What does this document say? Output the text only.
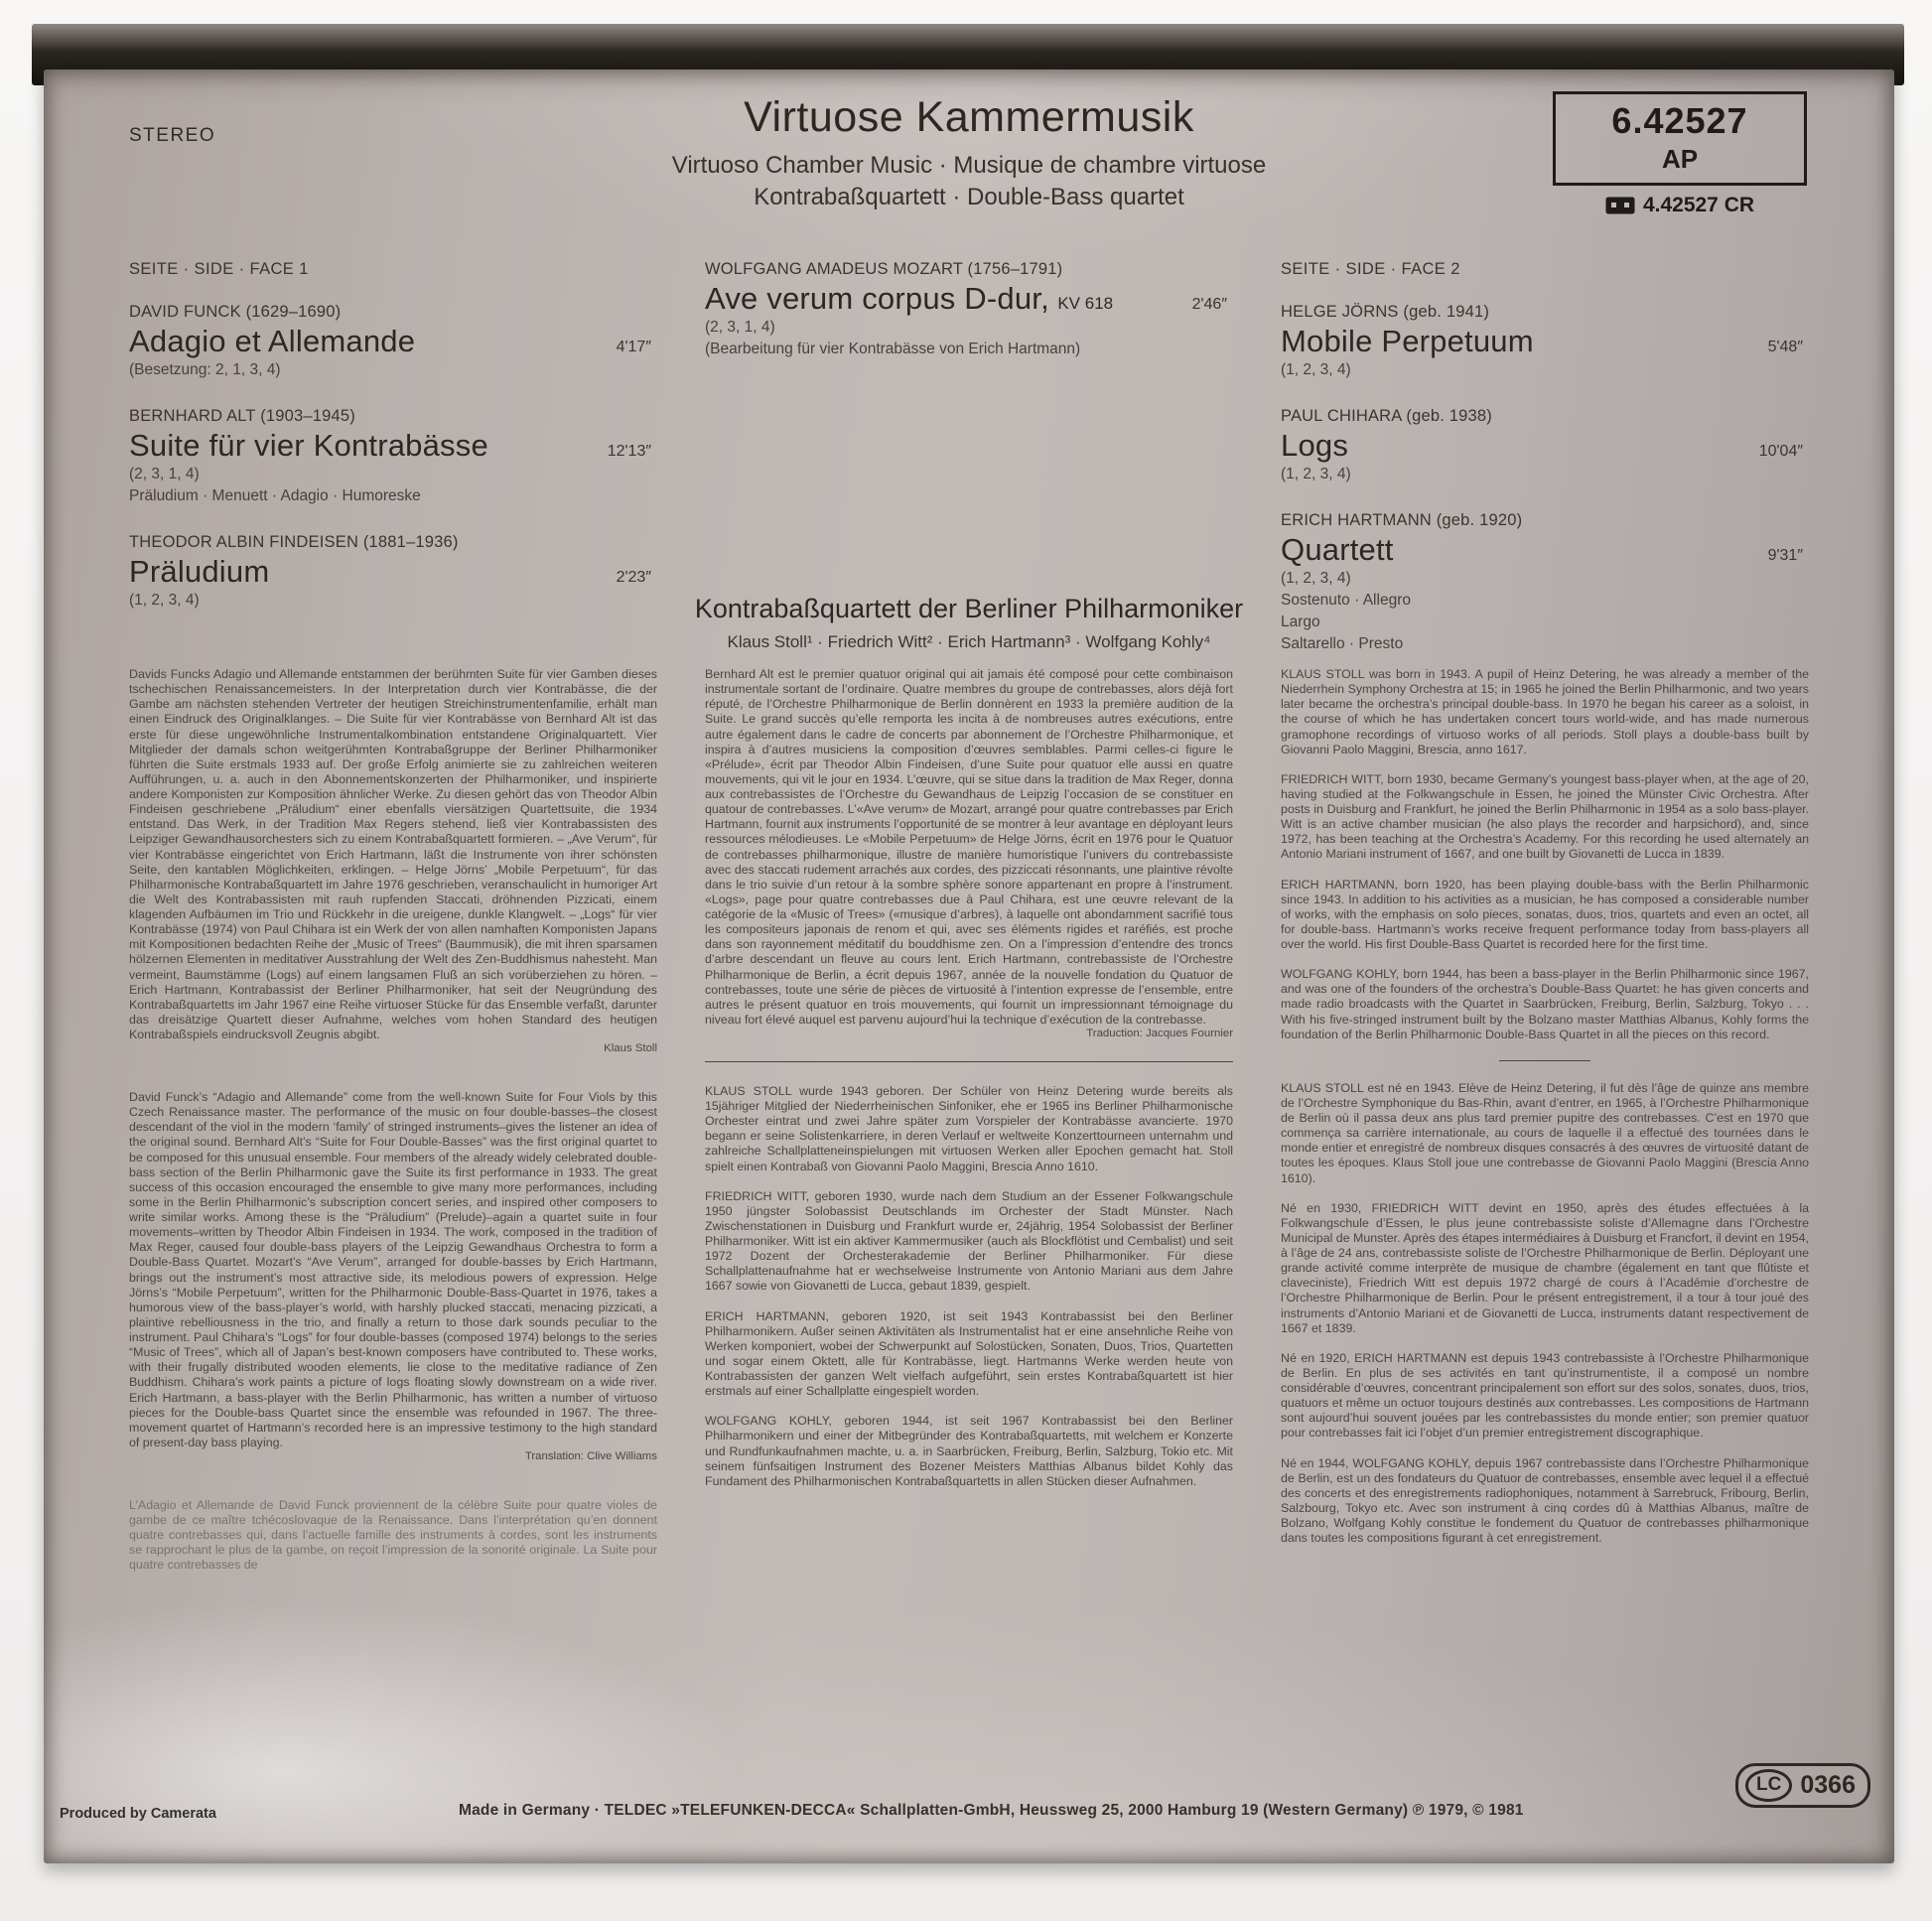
STEREO	Virtuose Kammermusik
Virtuoso Chamber Music · Musique de chambre virtuose
Kontrabaßquartett · Double-Bass quartet
6.42527
AP
4.42527 CR
SEITE · SIDE · FACE 1
DAVID FUNCK (1629–1690)
Adagio et Allemande	4'17″
(Besetzung: 2, 1, 3, 4)
BERNHARD ALT (1903–1945)
Suite für vier Kontrabässe	12'13″
(2, 3, 1, 4)
Präludium · Menuett · Adagio · Humoreske
THEODOR ALBIN FINDEISEN (1881–1936)
Präludium	2'23″
(1, 2, 3, 4)
WOLFGANG AMADEUS MOZART (1756–1791)
Ave verum corpus D-dur, KV 618	2'46″
(2, 3, 1, 4)
(Bearbeitung für vier Kontrabässe von Erich Hartmann)
SEITE · SIDE · FACE 2
HELGE JÖRNS (geb. 1941)
Mobile Perpetuum	5'48″
(1, 2, 3, 4)
PAUL CHIHARA (geb. 1938)
Logs	10'04″
(1, 2, 3, 4)
ERICH HARTMANN (geb. 1920)
Quartett	9'31″
(1, 2, 3, 4)
Sostenuto · Allegro
Largo
Saltarello · Presto
Kontrabaßquartett der Berliner Philharmoniker
Klaus Stoll¹ · Friedrich Witt² · Erich Hartmann³ · Wolfgang Kohly⁴

Davids Funcks Adagio und Allemande entstammen der berühmten Suite für vier Gamben dieses tschechischen Renaissancemeisters. In der Interpretation durch vier Kontrabässe, die der Gambe am nächsten stehenden Vertreter der heutigen Streichinstrumentenfamilie, erhält man einen Eindruck des Originalklanges. – Die Suite für vier Kontrabässe von Bernhard Alt ist das erste für diese ungewöhnliche Instrumentalkombination entstandene Originalquartett. Vier Mitglieder der damals schon weitgerühmten Kontrabaßgruppe der Berliner Philharmoniker führten die Suite erstmals 1933 auf. Der große Erfolg animierte sie zu zahlreichen weiteren Aufführungen, u. a. auch in den Abonnementskonzerten der Philharmoniker, und inspirierte andere Komponisten zur Komposition ähnlicher Werke. Zu diesen gehört das von Theodor Albin Findeisen geschriebene „Präludium“ einer ebenfalls viersätzigen Quartettsuite, die 1934 entstand. Das Werk, in der Tradition Max Regers stehend, ließ vier Kontrabassisten des Leipziger Gewandhausorchesters sich zu einem Kontrabaßquartett formieren. – „Ave Verum“, für vier Kontrabässe eingerichtet von Erich Hartmann, läßt die Instrumente von ihrer schönsten Seite, den kantablen Möglichkeiten, erklingen. – Helge Jörns’ „Mobile Perpetuum“, für das Philharmonische Kontrabaßquartett im Jahre 1976 geschrieben, veranschaulicht in humoriger Art die Welt des Kontrabassisten mit rauh rupfenden Staccati, dröhnenden Pizzicati, einem klagenden Aufbäumen im Trio und Rückkehr in die ureigene, dunkle Klangwelt. – „Logs“ für vier Kontrabässe (1974) von Paul Chihara ist ein Werk der von allen namhaften Komponisten Japans mit Kompositionen bedachten Reihe der „Music of Trees“ (Baummusik), die mit ihren sparsamen hölzernen Elementen in meditativer Ausstrahlung der Welt des Zen-Buddhismus nahesteht. Man vermeint, Baumstämme (Logs) auf einem langsamen Fluß an sich vorüberziehen zu hören. – Erich Hartmann, Kontrabassist der Berliner Philharmoniker, hat seit der Neugründung des Kontrabaßquartetts im Jahr 1967 eine Reihe virtuoser Stücke für das Ensemble verfaßt, darunter das dreisätzige Quartett dieser Aufnahme, welches vom hohen Standard des heutigen Kontrabaßspiels eindrucksvoll Zeugnis abgibt.

Klaus Stoll

David Funck’s “Adagio and Allemande” come from the well-known Suite for Four Viols by this Czech Renaissance master. The performance of the music on four double-basses–the closest descendant of the viol in the modern ‘family’ of stringed instruments–gives the listener an idea of the original sound. Bernhard Alt’s “Suite for Four Double-Basses” was the first original quartet to be composed for this unusual ensemble. Four members of the already widely celebrated double-bass section of the Berlin Philharmonic gave the Suite its first performance in 1933. The great success of this occasion encouraged the ensemble to give many more performances, including some in the Berlin Philharmonic’s subscription concert series, and inspired other composers to write similar works. Among these is the “Präludium” (Prelude)–again a quartet suite in four movements–written by Theodor Albin Findeisen in 1934. The work, composed in the tradition of Max Reger, caused four double-bass players of the Leipzig Gewandhaus Orchestra to form a Double-Bass Quartet. Mozart’s “Ave Verum”, arranged for double-basses by Erich Hartmann, brings out the instrument’s most attractive side, its melodious powers of expression. Helge Jörns’s “Mobile Perpetuum”, written for the Philharmonic Double-Bass-Quartet in 1976, takes a humorous view of the bass-player’s world, with harshly plucked staccati, menacing pizzicati, a plaintive rebelliousness in the trio, and finally a return to those dark sounds peculiar to the instrument. Paul Chihara’s “Logs” for four double-basses (composed 1974) belongs to the series “Music of Trees”, which all of Japan’s best-known composers have contributed to. These works, with their frugally distributed wooden elements, lie close to the meditative radiance of Zen Buddhism. Chihara’s work paints a picture of logs floating slowly downstream on a wide river. Erich Hartmann, a bass-player with the Berlin Philharmonic, has written a number of virtuoso pieces for the Double-bass Quartet since the ensemble was refounded in 1967. The three-movement quartet of Hartmann’s recorded here is an impressive testimony to the high standard of present-day bass playing.

Translation: Clive Williams

L’Adagio et Allemande de David Funck proviennent de la célèbre Suite pour quatre violes de gambe de ce maître tchécoslovaque de la Renaissance. Dans l’interprétation qu’en donnent quatre contrebasses qui, dans l’actuelle famille des instruments à cordes, sont les instruments se rapprochant le plus de la gambe, on reçoit l’impression de la sonorité originale. La Suite pour quatre contrebasses de

Bernhard Alt est le premier quatuor original qui ait jamais été composé pour cette combinaison instrumentale sortant de l’ordinaire. Quatre membres du groupe de contrebasses, alors déjà fort réputé, de l’Orchestre Philharmonique de Berlin donnèrent en 1933 la première audition de la Suite. Le grand succès qu’elle remporta les incita à de nombreuses autres exécutions, entre autre également dans le cadre de concerts par abonnement de l’Orchestre Philharmonique, et inspira à d’autres musiciens la composition d’œuvres semblables. Parmi celles-ci figure le «Prélude», écrit par Theodor Albin Findeisen, d’une Suite pour quatuor elle aussi en quatre mouvements, qui vit le jour en 1934. L’œuvre, qui se situe dans la tradition de Max Reger, donna aux contrebassistes de l’Orchestre du Gewandhaus de Leipzig l’occasion de se constituer en quatour de contrebasses. L’«Ave verum» de Mozart, arrangé pour quatre contrebasses par Erich Hartmann, fournit aux instruments l’opportunité de se montrer à leur avantage en déployant leurs ressources mélodieuses. Le «Mobile Perpetuum» de Helge Jörns, écrit en 1976 pour le Quatuor de contrebasses philharmonique, illustre de manière humoristique l’univers du contrebassiste avec des staccati rudement arrachés aux cordes, des pizziccati résonnants, une plaintive révolte dans le trio suivie d’un retour à la sombre sphère sonore appartenant en propre à l’instrument. «Logs», page pour quatre contrebasses due à Paul Chihara, est une œuvre relevant de la catégorie de la «Music of Trees» («musique d’arbres), à laquelle ont abondamment sacrifié tous les compositeurs japonais de renom et qui, avec ses éléments rigides et raréfiés, est proche dans son rayonnement méditatif du bouddhisme zen. On a l’impression d’entendre des troncs d’arbre descendant un fleuve au cours lent. Erich Hartmann, contrebassiste de l’Orchestre Philharmonique de Berlin, a écrit depuis 1967, année de la nouvelle fondation du Quatuor de contrebasses, toute une série de pièces de virtuosité à l’intention expresse de l’ensemble, entre autres le présent quatuor en trois mouvements, qui fournit un impressionnant témoignage du niveau fort élevé auquel est parvenu aujourd’hui la technique d’exécution de la contrebasse.

Traduction: Jacques Fournier

KLAUS STOLL wurde 1943 geboren. Der Schüler von Heinz Detering wurde bereits als 15jähriger Mitglied der Niederrheinischen Sinfoniker, ehe er 1965 ins Berliner Philharmonische Orchester eintrat und zwei Jahre später zum Vorspieler der Kontrabässe avancierte. 1970 begann er seine Solistenkarriere, in deren Verlauf er weltweite Konzerttourneen unternahm und zahlreiche Schallplatteneinspielungen mit virtuosen Werken aller Epochen gemacht hat. Stoll spielt einen Kontrabaß von Giovanni Paolo Maggini, Brescia Anno 1610.

FRIEDRICH WITT, geboren 1930, wurde nach dem Studium an der Essener Folkwangschule 1950 jüngster Solobassist Deutschlands im Orchester der Stadt Münster. Nach Zwischenstationen in Duisburg und Frankfurt wurde er, 24jährig, 1954 Solobassist der Berliner Philharmoniker. Witt ist ein aktiver Kammermusiker (auch als Blockflötist und Cembalist) und seit 1972 Dozent der Orchesterakademie der Berliner Philharmoniker. Für diese Schallplattenaufnahme hat er wechselweise Instrumente von Antonio Mariani aus dem Jahre 1667 sowie von Giovanetti de Lucca, gebaut 1839, gespielt.

ERICH HARTMANN, geboren 1920, ist seit 1943 Kontrabassist bei den Berliner Philharmonikern. Außer seinen Aktivitäten als Instrumentalist hat er eine ansehnliche Reihe von Werken komponiert, wobei der Schwerpunkt auf Solostücken, Sonaten, Duos, Trios, Quartetten und sogar einem Oktett, alle für Kontrabässe, liegt. Hartmanns Werke werden heute von Kontrabassisten der ganzen Welt vielfach aufgeführt, sein erstes Kontrabaßquartett ist hier erstmals auf einer Schallplatte eingespielt worden.

WOLFGANG KOHLY, geboren 1944, ist seit 1967 Kontrabassist bei den Berliner Philharmonikern und einer der Mitbegründer des Kontrabaßquartetts, mit welchem er Konzerte und Rundfunkaufnahmen machte, u. a. in Saarbrücken, Freiburg, Berlin, Salzburg, Tokio etc. Mit seinem fünfsaitigen Instrument des Bozener Meisters Matthias Albanus bildet Kohly das Fundament des Philharmonischen Kontrabaßquartetts in allen Stücken dieser Aufnahmen.

KLAUS STOLL was born in 1943. A pupil of Heinz Detering, he was already a member of the Niederrhein Symphony Orchestra at 15; in 1965 he joined the Berlin Philharmonic, and two years later became the orchestra’s principal double-bass. In 1970 he began his career as a soloist, in the course of which he has undertaken concert tours world-wide, and has made numerous gramophone recordings of virtuoso works of all periods. Stoll plays a double-bass built by Giovanni Paolo Maggini, Brescia, anno 1617.

FRIEDRICH WITT, born 1930, became Germany’s youngest bass-player when, at the age of 20, having studied at the Folkwangschule in Essen, he joined the Münster Civic Orchestra. After posts in Duisburg and Frankfurt, he joined the Berlin Philharmonic in 1954 as a solo bass-player. Witt is an active chamber musician (he also plays the recorder and harpsichord), and, since 1972, has been teaching at the Orchestra’s Academy. For this recording he used alternately an Antonio Mariani instrument of 1667, and one built by Giovanetti de Lucca in 1839.

ERICH HARTMANN, born 1920, has been playing double-bass with the Berlin Philharmonic since 1943. In addition to his activities as a musician, he has composed a considerable number of works, with the emphasis on solo pieces, sonatas, duos, trios, quartets and even an octet, all for double-bass. Hartmann’s works receive frequent performance today from bass-players all over the world. His first Double-Bass Quartet is recorded here for the first time.

WOLFGANG KOHLY, born 1944, has been a bass-player in the Berlin Philharmonic since 1967, and was one of the founders of the orchestra’s Double-Bass Quartet: he has given concerts and made radio broadcasts with the Quartet in Saarbrücken, Freiburg, Berlin, Salzburg, Tokyo . . . With his five-stringed instrument built by the Bolzano master Matthias Albanus, Kohly forms the foundation of the Berlin Philharmonic Double-Bass Quartet in all the pieces on this record.

KLAUS STOLL est né en 1943. Elève de Heinz Detering, il fut dès l’âge de quinze ans membre de l’Orchestre Symphonique du Bas-Rhin, avant d’entrer, en 1965, à l’Orchestre Philharmonique de Berlin où il passa deux ans plus tard premier pupitre des contrebasses. C’est en 1970 que commença sa carrière internationale, au cours de laquelle il a effectué des tournées dans le monde entier et enregistré de nombreux disques consacrés à des œuvres de virtuosité datant de toutes les époques. Klaus Stoll joue une contrebasse de Giovanni Paolo Maggini (Brescia Anno 1610).

Né en 1930, FRIEDRICH WITT devint en 1950, après des études effectuées à la Folkwangschule d’Essen, le plus jeune contrebassiste soliste d’Allemagne dans l’Orchestre Municipal de Munster. Après des étapes intermédiaires à Duisburg et Francfort, il devint en 1954, à l’âge de 24 ans, contrebassiste soliste de l’Orchestre Philharmonique de Berlin. Déployant une grande activité comme interprète de musique de chambre (également en tant que flûtiste et claveciniste), Friedrich Witt est depuis 1972 chargé de cours à l’Académie d’orchestre de l’Orchestre Philharmonique de Berlin. Pour le présent entregistrement, il a tour à tour joué des instruments d’Antonio Mariani et de Giovanetti de Lucca, instruments datant respectivement de 1667 et 1839.

Né en 1920, ERICH HARTMANN est depuis 1943 contrebassiste à l’Orchestre Philharmonique de Berlin. En plus de ses activités en tant qu’instrumentiste, il a composé un nombre considérable d’œuvres, concentrant principalement son effort sur des solos, sonates, duos, trios, quatuors et même un octuor toujours destinés aux contrebasses. Les compositions de Hartmann sont aujourd’hui souvent jouées par les contrebassistes du monde entier; son premier quatuor pour contrebasses fait ici l’objet d’un premier entregistrement discographique.

Né en 1944, WOLFGANG KOHLY, depuis 1967 contrebassiste dans l’Orchestre Philharmonique de Berlin, est un des fondateurs du Quatuor de contrebasses, ensemble avec lequel il a effectué des concerts et des enregistrements radiophoniques, notamment à Sarrebruck, Fribourg, Berlin, Salzbourg, Tokyo etc. Avec son instrument à cinq cordes dû à Matthias Albanus, maître de Bolzano, Wolfgang Kohly constitue le fondement du Quatuor de contrebasses philharmonique dans toutes les compositions figurant à cet enregistrement.

Produced by Camerata	Made in Germany · TELDEC »TELEFUNKEN-DECCA« Schallplatten-GmbH, Heussweg 25, 2000 Hamburg 19 (Western Germany) ℗ 1979, © 1981
LC 0366
